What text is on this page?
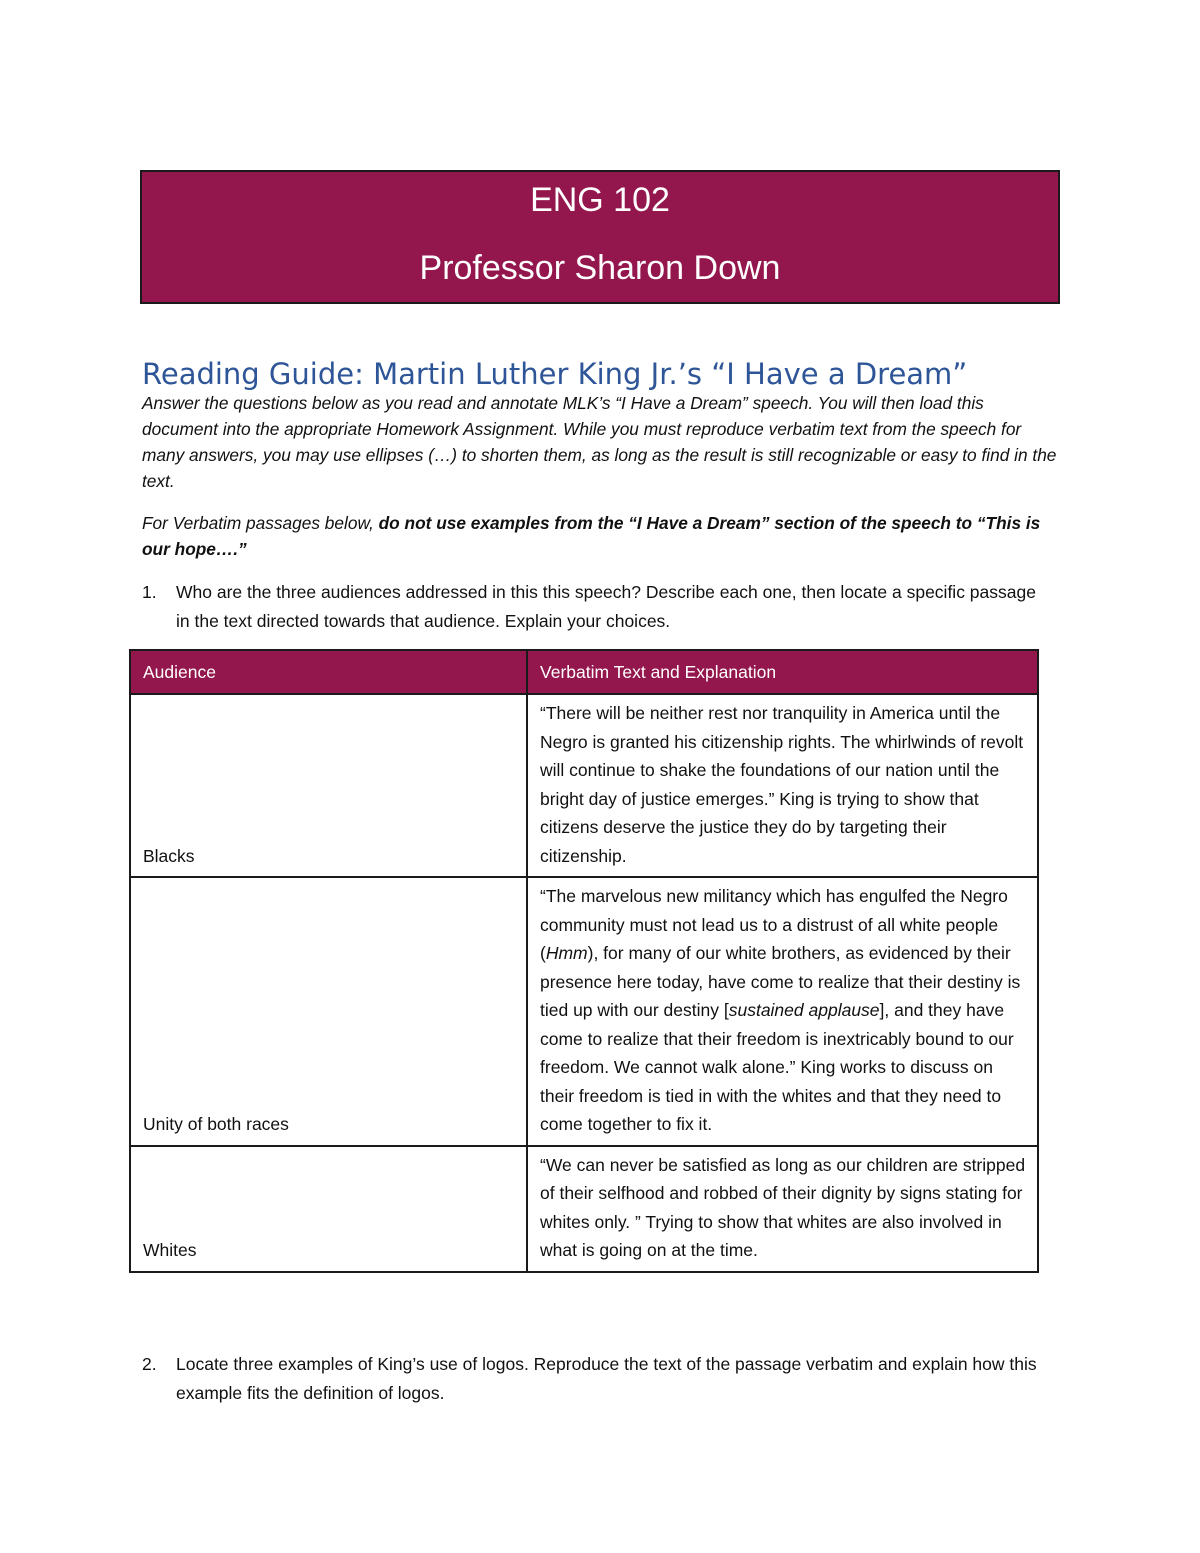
ENG 102
Professor Sharon Down
Reading Guide: Martin Luther King Jr.’s “I Have a Dream”
Answer the questions below as you read and annotate MLK’s “I Have a Dream” speech. You will then load this document into the appropriate Homework Assignment. While you must reproduce verbatim text from the speech for many answers, you may use ellipses (…) to shorten them, as long as the result is still recognizable or easy to find in the text.
For Verbatim passages below, do not use examples from the “I Have a Dream” section of the speech to “This is our hope….”
1. Who are the three audiences addressed in this this speech? Describe each one, then locate a specific passage in the text directed towards that audience. Explain your choices.
Audience	Verbatim Text and Explanation
Blacks	“There will be neither rest nor tranquility in America until the Negro is granted his citizenship rights. The whirlwinds of revolt will continue to shake the foundations of our nation until the bright day of justice emerges.” King is trying to show that citizens deserve the justice they do by targeting their citizenship.
Unity of both races	“The marvelous new militancy which has engulfed the Negro community must not lead us to a distrust of all white people (Hmm), for many of our white brothers, as evidenced by their presence here today, have come to realize that their destiny is tied up with our destiny [sustained applause], and they have come to realize that their freedom is inextricably bound to our freedom. We cannot walk alone.” King works to discuss on their freedom is tied in with the whites and that they need to come together to fix it.
Whites	“We can never be satisfied as long as our children are stripped of their selfhood and robbed of their dignity by signs stating for whites only. ” Trying to show that whites are also involved in what is going on at the time.
2. Locate three examples of King’s use of logos. Reproduce the text of the passage verbatim and explain how this example fits the definition of logos.
